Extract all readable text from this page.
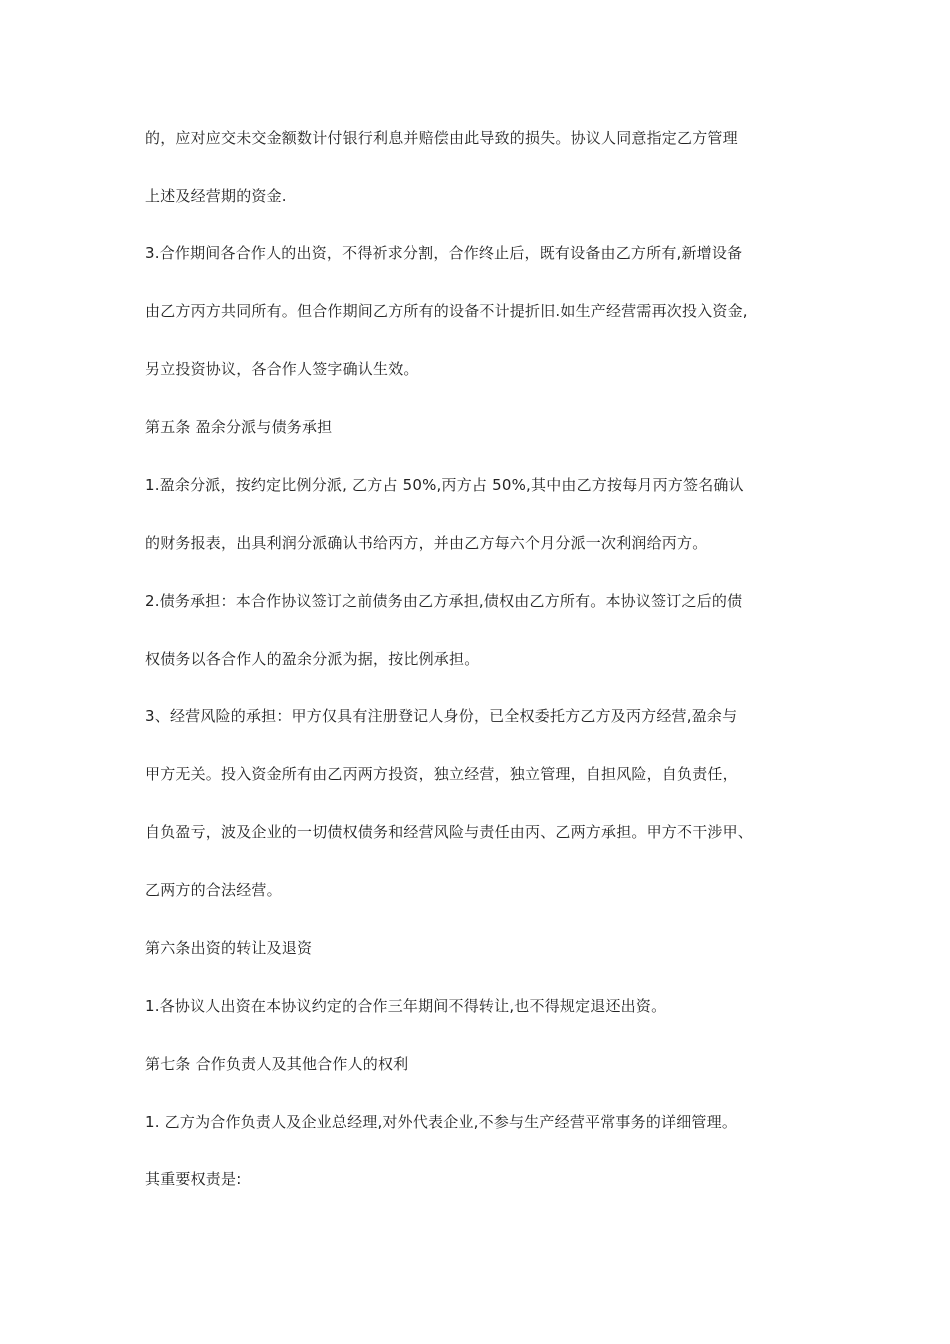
的，应对应交未交金额数计付银行利息并赔偿由此导致的损失。协议人同意指定乙方管理
上述及经营期的资金.
3.合作期间各合作人的出资，不得祈求分割，合作终止后，既有设备由乙方所有,新增设备
由乙方丙方共同所有。但合作期间乙方所有的设备不计提折旧.如生产经营需再次投入资金,
另立投资协议，各合作人签字确认生效。
第五条 盈余分派与债务承担
1.盈余分派，按约定比例分派, 乙方占 50%,丙方占 50%,其中由乙方按每月丙方签名确认
的财务报表，出具利润分派确认书给丙方，并由乙方每六个月分派一次利润给丙方。
2.债务承担：本合作协议签订之前债务由乙方承担,债权由乙方所有。本协议签订之后的债
权债务以各合作人的盈余分派为据，按比例承担。
3、经营风险的承担：甲方仅具有注册登记人身份，已全权委托方乙方及丙方经营,盈余与
甲方无关。投入资金所有由乙丙两方投资，独立经营，独立管理，自担风险，自负责任，
自负盈亏，波及企业的一切债权债务和经营风险与责任由丙、乙两方承担。甲方不干涉甲、
乙两方的合法经营。
第六条出资的转让及退资
1.各协议人出资在本协议约定的合作三年期间不得转让,也不得规定退还出资。
第七条 合作负责人及其他合作人的权利
1. 乙方为合作负责人及企业总经理,对外代表企业,不参与生产经营平常事务的详细管理。
其重要权责是:
